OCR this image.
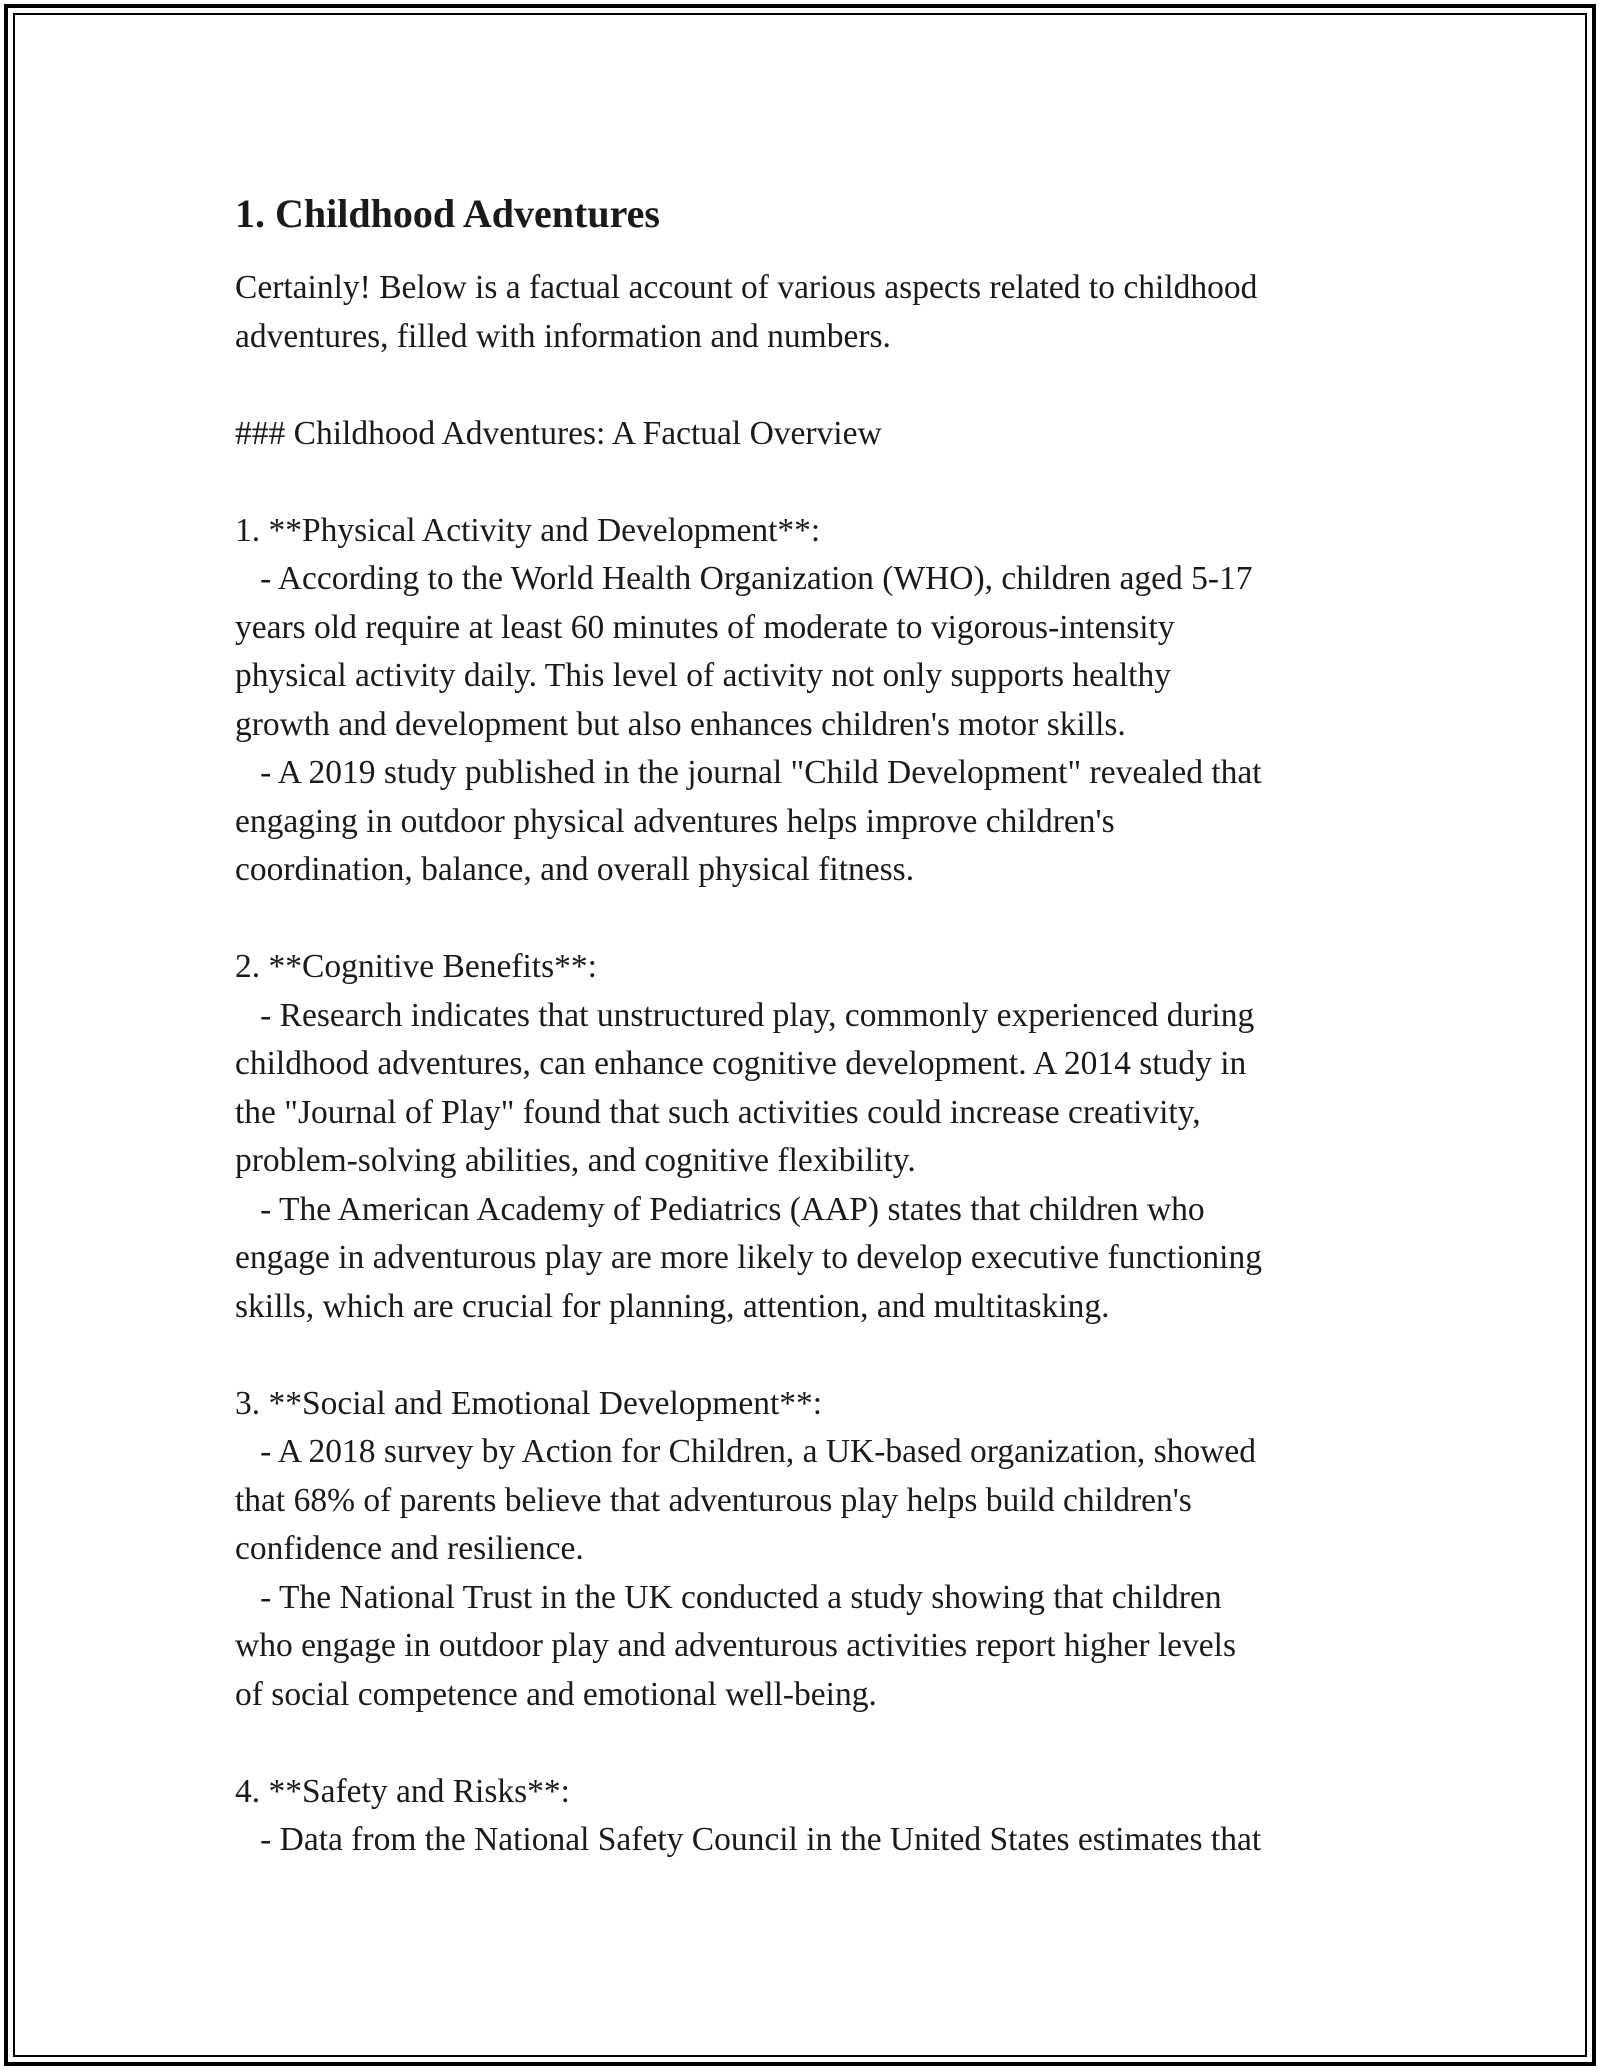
1. Childhood Adventures
Certainly! Below is a factual account of various aspects related to childhood
adventures, filled with information and numbers.
### Childhood Adventures: A Factual Overview
1. **Physical Activity and Development**:
- According to the World Health Organization (WHO), children aged 5-17
years old require at least 60 minutes of moderate to vigorous-intensity
physical activity daily. This level of activity not only supports healthy
growth and development but also enhances children's motor skills.
- A 2019 study published in the journal "Child Development" revealed that
engaging in outdoor physical adventures helps improve children's
coordination, balance, and overall physical fitness.
2. **Cognitive Benefits**:
- Research indicates that unstructured play, commonly experienced during
childhood adventures, can enhance cognitive development. A 2014 study in
the "Journal of Play" found that such activities could increase creativity,
problem-solving abilities, and cognitive flexibility.
- The American Academy of Pediatrics (AAP) states that children who
engage in adventurous play are more likely to develop executive functioning
skills, which are crucial for planning, attention, and multitasking.
3. **Social and Emotional Development**:
- A 2018 survey by Action for Children, a UK-based organization, showed
that 68% of parents believe that adventurous play helps build children's
confidence and resilience.
- The National Trust in the UK conducted a study showing that children
who engage in outdoor play and adventurous activities report higher levels
of social competence and emotional well-being.
4. **Safety and Risks**:
- Data from the National Safety Council in the United States estimates that
